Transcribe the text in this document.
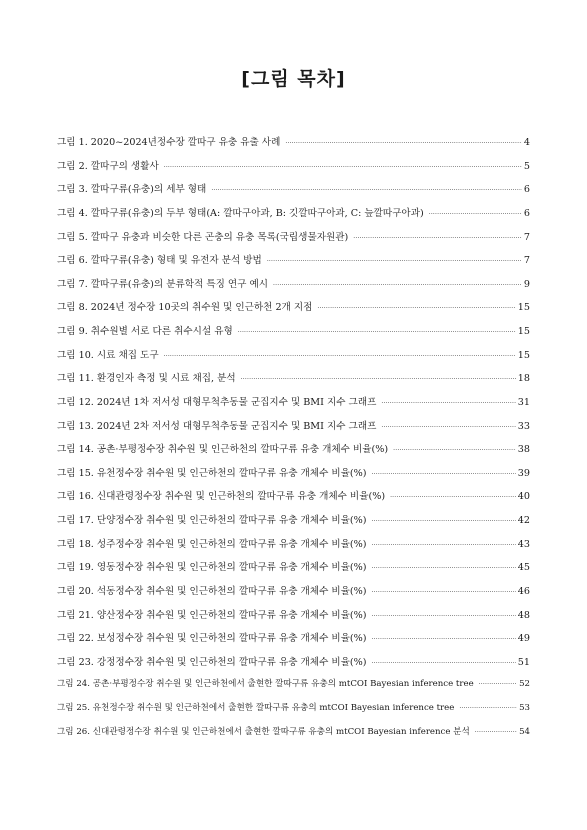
[그림 목차]
그림 1. 2020~2024년정수장 깔따구 유충 유출 사례 ·····	4
그림 2. 깔따구의 생활사 ·····	5
그림 3. 깔따구류(유충)의 세부 형태 ·····	6
그림 4. 깔따구류(유충)의 두부 형태(A: 깔따구아과, B: 깃깔따구아과, C: 늪깔따구아과) ·····	6
그림 5. 깔따구 유충과 비슷한 다른 곤충의 유충 목록(국립생물자원관) ·····	7
그림 6. 깔따구류(유충) 형태 및 유전자 분석 방법 ·····	7
그림 7. 깔따구류(유충)의 분류학적 특징 연구 예시 ·····	9
그림 8. 2024년 정수장 10곳의 취수원 및 인근하천 2개 지점 ·····	15
그림 9. 취수원별 서로 다른 취수시설 유형 ·····	15
그림 10. 시료 채집 도구 ·····	15
그림 11. 환경인자 측정 및 시료 채집, 분석 ·····	18
그림 12. 2024년 1차 저서성 대형무척추동물 군집지수 및 BMI 지수 그래프 ·····	31
그림 13. 2024년 2차 저서성 대형무척추동물 군집지수 및 BMI 지수 그래프 ·····	33
그림 14. 공촌·부평정수장 취수원 및 인근하천의 깔따구류 유충 개체수 비율(%) ·····	38
그림 15. 유천정수장 취수원 및 인근하천의 깔따구류 유충 개체수 비율(%) ·····	39
그림 16. 신대관령정수장 취수원 및 인근하천의 깔따구류 유충 개체수 비율(%) ·····	40
그림 17. 단양정수장 취수원 및 인근하천의 깔따구류 유충 개체수 비율(%) ·····	42
그림 18. 성주정수장 취수원 및 인근하천의 깔따구류 유충 개체수 비율(%) ·····	43
그림 19. 영동정수장 취수원 및 인근하천의 깔따구류 유충 개체수 비율(%) ·····	45
그림 20. 석동정수장 취수원 및 인근하천의 깔따구류 유충 개체수 비율(%) ·····	46
그림 21. 양산정수장 취수원 및 인근하천의 깔따구류 유충 개체수 비율(%) ·····	48
그림 22. 보성정수장 취수원 및 인근하천의 깔따구류 유충 개체수 비율(%) ·····	49
그림 23. 강정정수장 취수원 및 인근하천의 깔따구류 유충 개체수 비율(%) ·····	51
그림 24. 공촌·부평정수장 취수원 및 인근하천에서 출현한 깔따구류 유충의 mtCOI Bayesian inference tree ·····	52
그림 25. 유천정수장 취수원 및 인근하천에서 출현한 깔따구류 유충의 mtCOI Bayesian inference tree ·····	53
그림 26. 신대관령정수장 취수원 및 인근하천에서 출현한 깔따구류 유충의 mtCOI Bayesian inference 분석 ·····	54
